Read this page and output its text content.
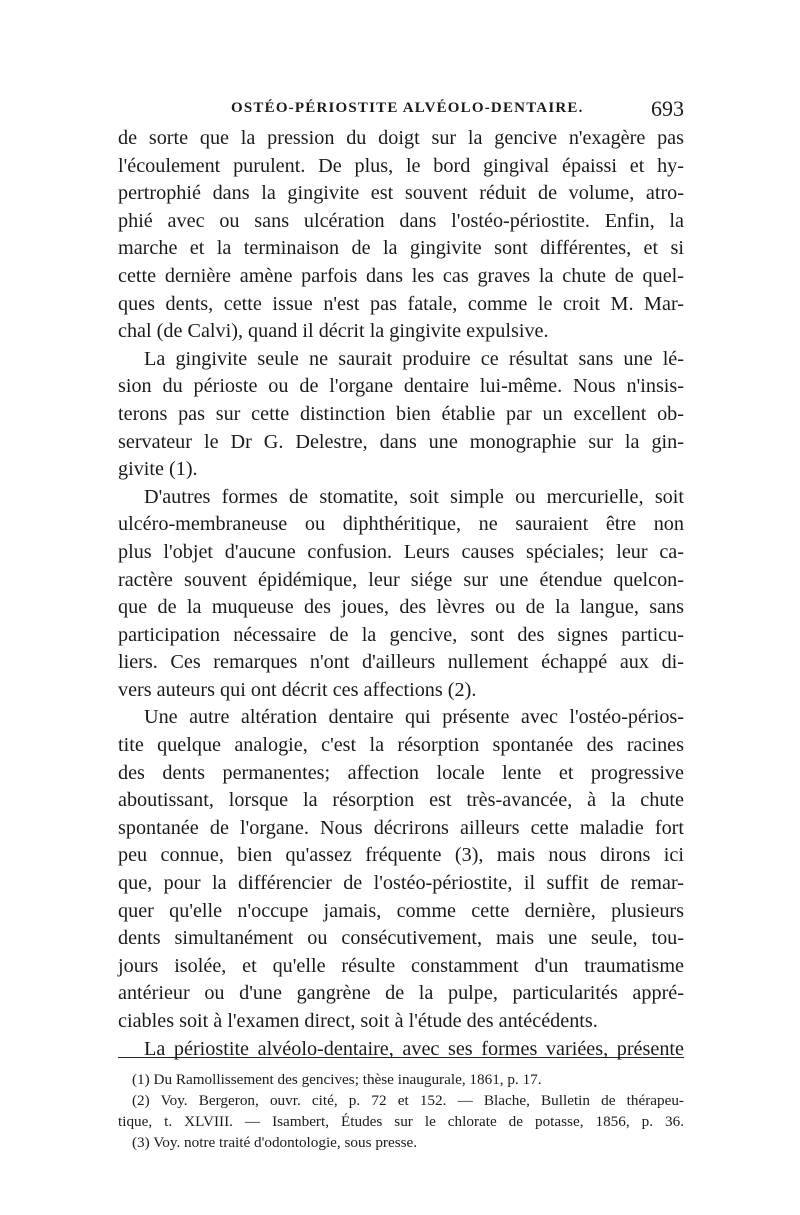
OSTÉO-PÉRIOSTITE ALVÉOLO-DENTAIRE.	693
de sorte que la pression du doigt sur la gencive n'exagère pas
l'écoulement purulent. De plus, le bord gingival épaissi et hy-
pertrophié dans la gingivite est souvent réduit de volume, atro-
phié avec ou sans ulcération dans l'ostéo-périostite. Enfin, la
marche et la terminaison de la gingivite sont différentes, et si
cette dernière amène parfois dans les cas graves la chute de quel-
ques dents, cette issue n'est pas fatale, comme le croit M. Mar-
chal (de Calvi), quand il décrit la gingivite expulsive.
La gingivite seule ne saurait produire ce résultat sans une lé-
sion du périoste ou de l'organe dentaire lui-même. Nous n'insis-
terons pas sur cette distinction bien établie par un excellent ob-
servateur le Dr G. Delestre, dans une monographie sur la gin-
givite (1).
D'autres formes de stomatite, soit simple ou mercurielle, soit
ulcéro-membraneuse ou diphthéritique, ne sauraient être non
plus l'objet d'aucune confusion. Leurs causes spéciales; leur ca-
ractère souvent épidémique, leur siége sur une étendue quelcon-
que de la muqueuse des joues, des lèvres ou de la langue, sans
participation nécessaire de la gencive, sont des signes particu-
liers. Ces remarques n'ont d'ailleurs nullement échappé aux di-
vers auteurs qui ont décrit ces affections (2).
Une autre altération dentaire qui présente avec l'ostéo-périos-
tite quelque analogie, c'est la résorption spontanée des racines
des dents permanentes; affection locale lente et progressive
aboutissant, lorsque la résorption est très-avancée, à la chute
spontanée de l'organe. Nous décrirons ailleurs cette maladie fort
peu connue, bien qu'assez fréquente (3), mais nous dirons ici
que, pour la différencier de l'ostéo-périostite, il suffit de remar-
quer qu'elle n'occupe jamais, comme cette dernière, plusieurs
dents simultanément ou consécutivement, mais une seule, tou-
jours isolée, et qu'elle résulte constamment d'un traumatisme
antérieur ou d'une gangrène de la pulpe, particularités appré-
ciables soit à l'examen direct, soit à l'étude des antécédents.
La périostite alvéolo-dentaire, avec ses formes variées, présente
(1) Du Ramollissement des gencives; thèse inaugurale, 1861, p. 17.
(2) Voy. Bergeron, ouvr. cité, p. 72 et 152. — Blache, Bulletin de thérapeu-
tique, t. XLVIII. — Isambert, Études sur le chlorate de potasse, 1856, p. 36.
(3) Voy. notre traité d'odontologie, sous presse.
